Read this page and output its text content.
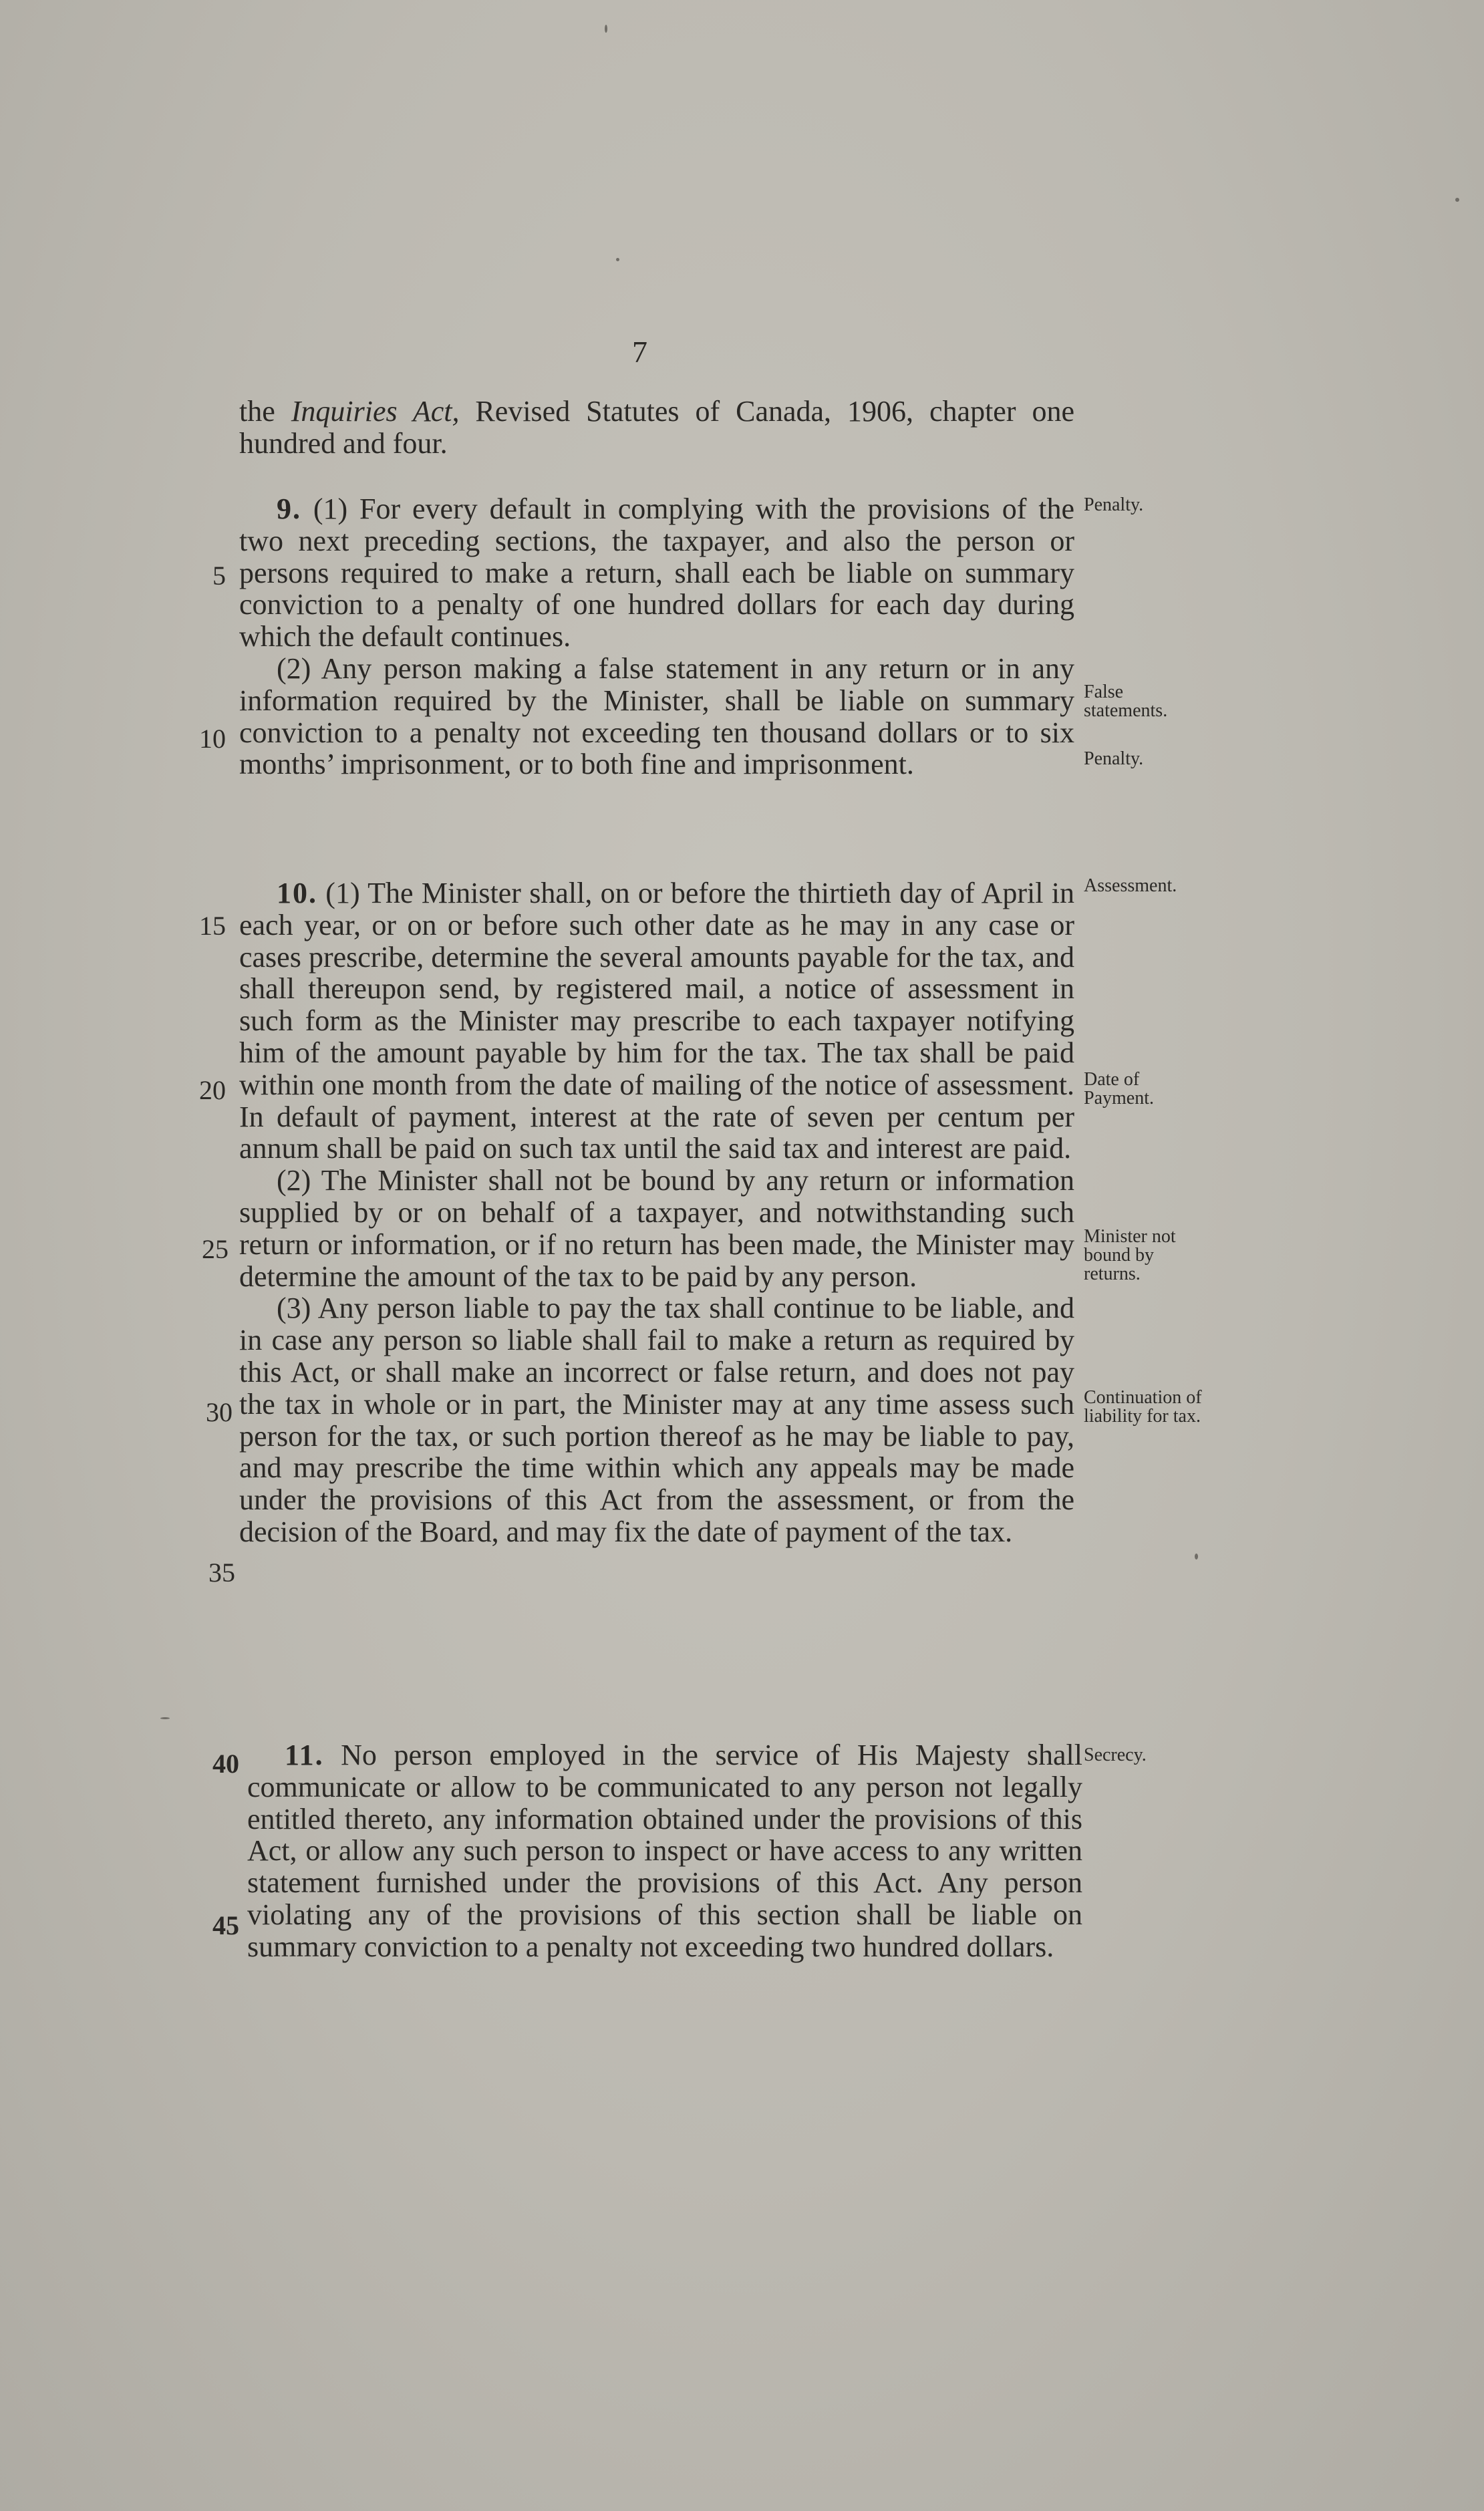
7

the Inquiries Act, Revised Statutes of Canada, 1906, chapter one hundred and four.

9. (1) For every default in complying with the provisions of the two next preceding sections, the taxpayer, and also the person or persons required to make a return, shall each be liable on summary conviction to a penalty of one hundred dollars for each day during which the default continues.

(2) Any person making a false statement in any return or in any information required by the Minister, shall be liable on summary conviction to a penalty not exceeding ten thousand dollars or to six months’ imprisonment, or to both fine and imprisonment.

10. (1) The Minister shall, on or before the thirtieth day of April in each year, or on or before such other date as he may in any case or cases prescribe, determine the several amounts payable for the tax, and shall thereupon send, by registered mail, a notice of assessment in such form as the Minister may prescribe to each taxpayer notifying him of the amount payable by him for the tax. The tax shall be paid within one month from the date of mailing of the notice of assessment. In default of payment, interest at the rate of seven per centum per annum shall be paid on such tax until the said tax and interest are paid.

(2) The Minister shall not be bound by any return or information supplied by or on behalf of a taxpayer, and notwithstanding such return or information, or if no return has been made, the Minister may determine the amount of the tax to be paid by any person.

(3) Any person liable to pay the tax shall continue to be liable, and in case any person so liable shall fail to make a return as required by this Act, or shall make an incorrect or false return, and does not pay the tax in whole or in part, the Minister may at any time assess such person for the tax, or such portion thereof as he may be liable to pay, and may prescribe the time within which any appeals may be made under the provisions of this Act from the assessment, or from the decision of the Board, and may fix the date of payment of the tax.

11. No person employed in the service of His Majesty shall communicate or allow to be communicated to any person not legally entitled thereto, any information obtained under the provisions of this Act, or allow any such person to inspect or have access to any written statement furnished under the provisions of this Act. Any person violating any of the provisions of this section shall be liable on summary conviction to a penalty not exceeding two hundred dollars.

5
10
15
20
25
30
35
40
45
Penalty.
False statements.
Penalty.
Assessment.
Date of Payment.
Minister not bound by returns.
Continuation of liability for tax.
Secrecy.
